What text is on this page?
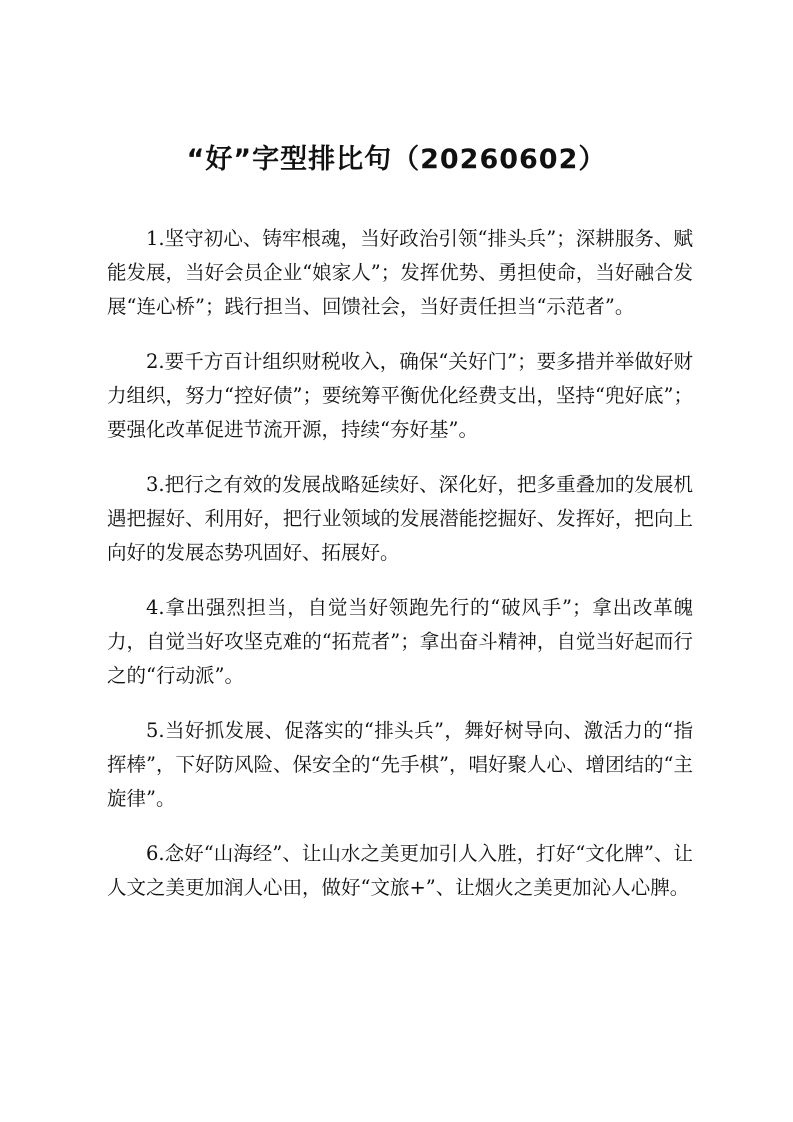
“好”字型排比句（20260602）

1.坚守初心、铸牢根魂，当好政治引领“排头兵”；深耕服务、赋能发展，当好会员企业“娘家人”；发挥优势、勇担使命，当好融合发展“连心桥”；践行担当、回馈社会，当好责任担当“示范者”。

2.要千方百计组织财税收入，确保“关好门”；要多措并举做好财力组织，努力“控好债”；要统筹平衡优化经费支出，坚持“兜好底”；要强化改革促进节流开源，持续“夯好基”。

3.把行之有效的发展战略延续好、深化好，把多重叠加的发展机遇把握好、利用好，把行业领域的发展潜能挖掘好、发挥好，把向上向好的发展态势巩固好、拓展好。

4.拿出强烈担当，自觉当好领跑先行的“破风手”；拿出改革魄力，自觉当好攻坚克难的“拓荒者”；拿出奋斗精神，自觉当好起而行之的“行动派”。

5.当好抓发展、促落实的“排头兵”，舞好树导向、激活力的“指挥棒”，下好防风险、保安全的“先手棋”，唱好聚人心、增团结的“主旋律”。

6.念好“山海经”、让山水之美更加引人入胜，打好“文化牌”、让人文之美更加润人心田，做好“文旅+”、让烟火之美更加沁人心脾。
